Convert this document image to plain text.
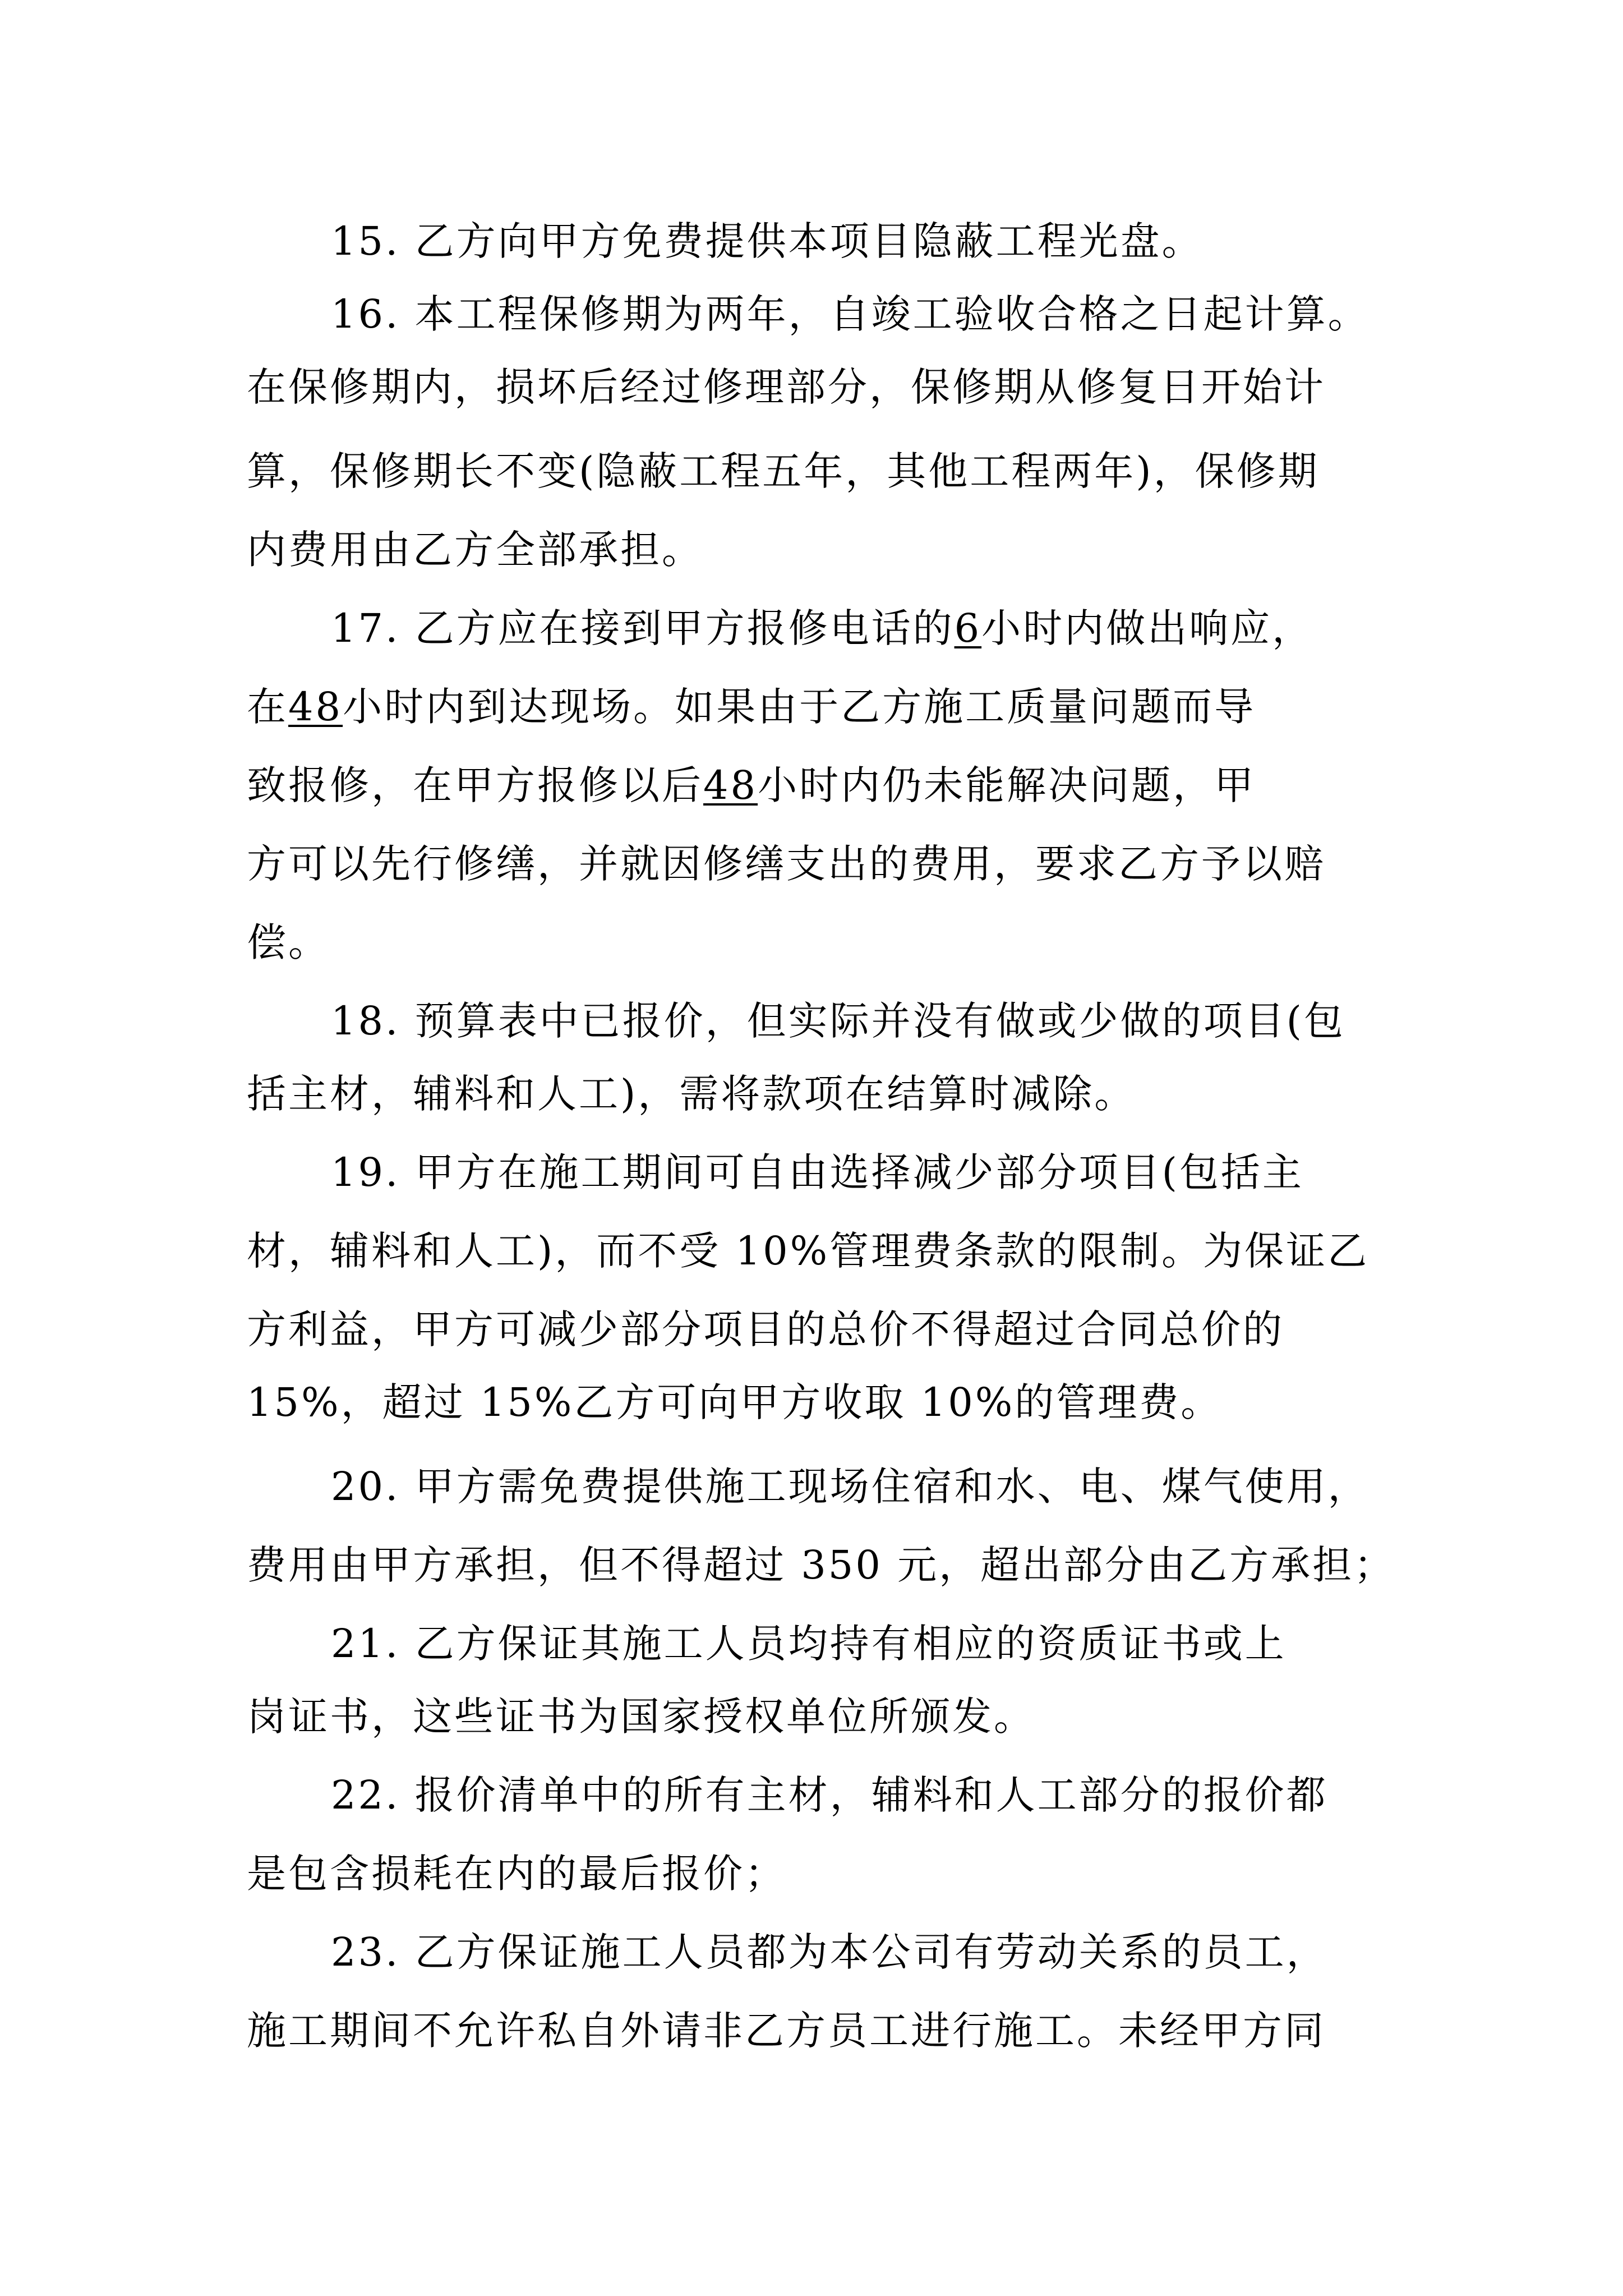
15. 乙方向甲方免费提供本项目隐蔽工程光盘。
16. 本工程保修期为两年，自竣工验收合格之日起计算。
在保修期内，损坏后经过修理部分，保修期从修复日开始计
算，保修期长不变(隐蔽工程五年，其他工程两年)，保修期
内费用由乙方全部承担。
17. 乙方应在接到甲方报修电话的6小时内做出响应，
在48小时内到达现场。如果由于乙方施工质量问题而导
致报修，在甲方报修以后48小时内仍未能解决问题，甲
方可以先行修缮，并就因修缮支出的费用，要求乙方予以赔
偿。
18. 预算表中已报价，但实际并没有做或少做的项目(包
括主材，辅料和人工)，需将款项在结算时减除。
19. 甲方在施工期间可自由选择减少部分项目(包括主
材，辅料和人工)，而不受 10%管理费条款的限制。为保证乙
方利益，甲方可减少部分项目的总价不得超过合同总价的
15%，超过 15%乙方可向甲方收取 10%的管理费。
20. 甲方需免费提供施工现场住宿和水、电、煤气使用，
费用由甲方承担，但不得超过 350 元，超出部分由乙方承担；
21. 乙方保证其施工人员均持有相应的资质证书或上
岗证书，这些证书为国家授权单位所颁发。
22. 报价清单中的所有主材，辅料和人工部分的报价都
是包含损耗在内的最后报价；
23. 乙方保证施工人员都为本公司有劳动关系的员工，
施工期间不允许私自外请非乙方员工进行施工。未经甲方同
